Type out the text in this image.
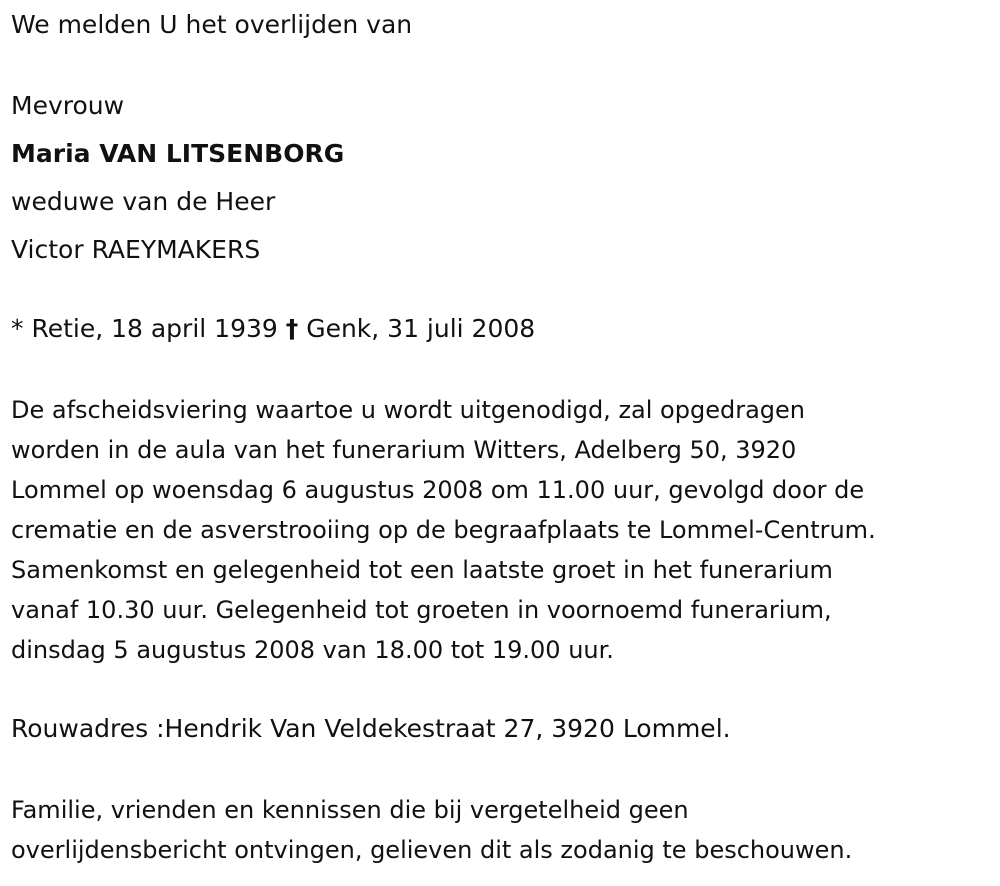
We melden U het overlijden van
Mevrouw
Maria VAN LITSENBORG
weduwe van de Heer
Victor RAEYMAKERS
* Retie, 18 april 1939 † Genk, 31 juli 2008
De afscheidsviering waartoe u wordt uitgenodigd, zal opgedragen
worden in de aula van het funerarium Witters, Adelberg 50, 3920
Lommel op woensdag 6 augustus 2008 om 11.00 uur, gevolgd door de
crematie en de asverstrooiing op de begraafplaats te Lommel-Centrum.
Samenkomst en gelegenheid tot een laatste groet in het funerarium
vanaf 10.30 uur. Gelegenheid tot groeten in voornoemd funerarium,
dinsdag 5 augustus 2008 van 18.00 tot 19.00 uur.
Rouwadres :Hendrik Van Veldekestraat 27, 3920 Lommel.
Familie, vrienden en kennissen die bij vergetelheid geen
overlijdensbericht ontvingen, gelieven dit als zodanig te beschouwen.
